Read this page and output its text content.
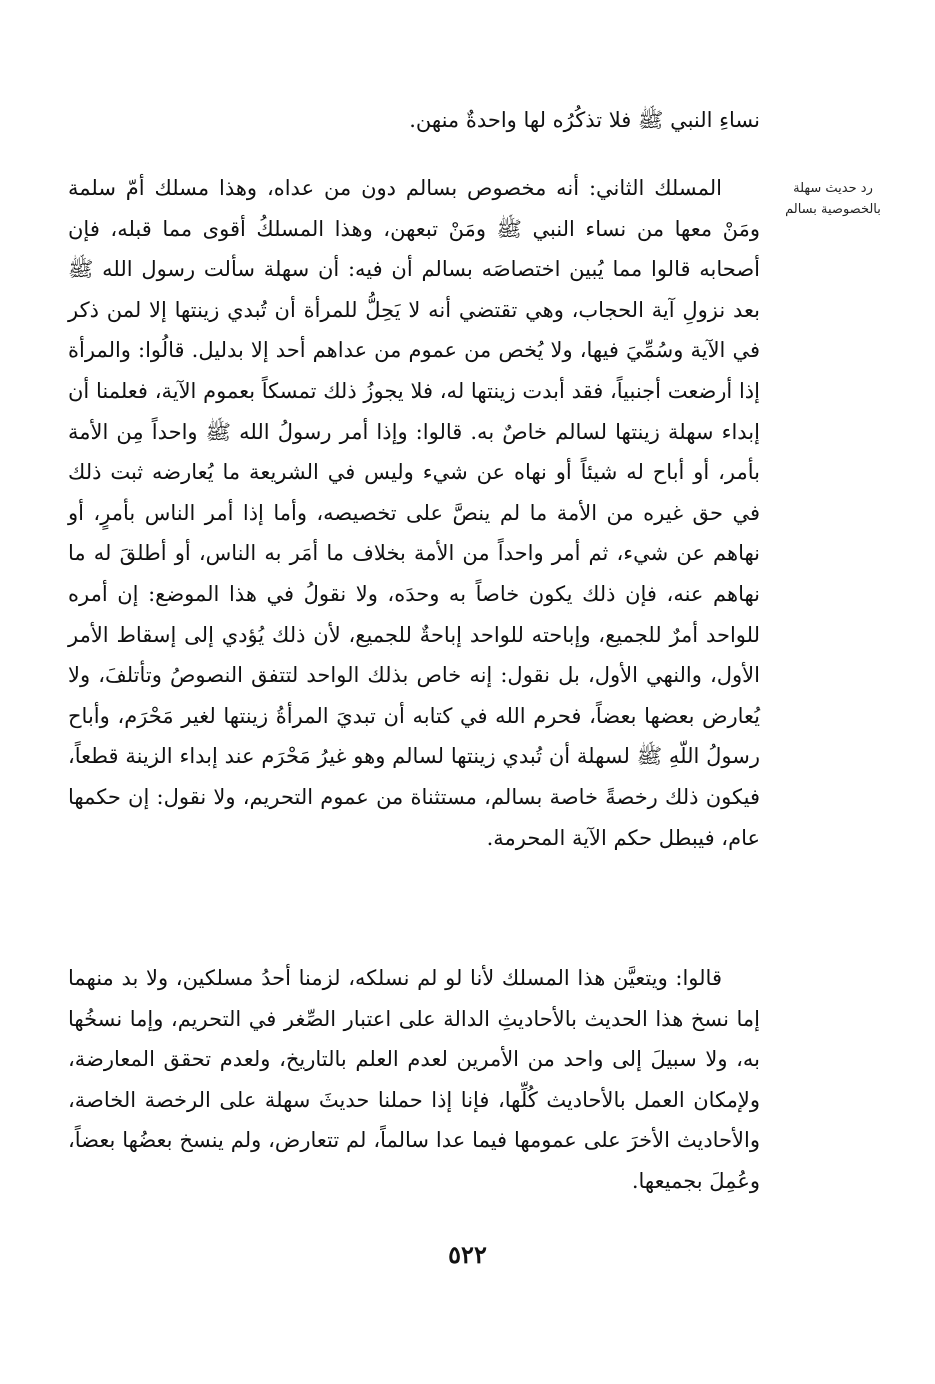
رد حديث سهلة
بالخصوصية بسالم

نساءِ النبي ﷺ فلا تذكُرُه لها واحدةٌ منهن.

المسلك الثاني: أنه مخصوص بسالم دون من عداه، وهذا مسلك أمّ سلمة ومَنْ معها من نساء النبي ﷺ ومَنْ تبعهن، وهذا المسلكُ أقوى مما قبله، فإن أصحابه قالوا مما يُبين اختصاصَه بسالم أن فيه: أن سهلة سألت رسول الله ﷺ بعد نزولِ آية الحجاب، وهي تقتضي أنه لا يَحِلُّ للمرأة أن تُبدي زينتها إلا لمن ذكر في الآية وسُمِّيَ فيها، ولا يُخص من عموم من عداهم أحد إلا بدليل. قالُوا: والمرأة إذا أرضعت أجنبياً، فقد أبدت زينتها له، فلا يجوزُ ذلك تمسكاً بعموم الآية، فعلمنا أن إبداء سهلة زينتها لسالم خاصٌ به. قالوا: وإذا أمر رسولُ الله ﷺ واحداً مِن الأمة بأمر، أو أباح له شيئاً أو نهاه عن شيء وليس في الشريعة ما يُعارضه ثبت ذلك في حق غيره من الأمة ما لم ينصَّ على تخصيصه، وأما إذا أمر الناس بأمرٍ، أو نهاهم عن شيء، ثم أمر واحداً من الأمة بخلاف ما أمَر به الناس، أو أطلقَ له ما نهاهم عنه، فإن ذلك يكون خاصاً به وحدَه، ولا نقولُ في هذا الموضع: إن أمره للواحد أمرٌ للجميع، وإباحته للواحد إباحةٌ للجميع، لأن ذلك يُؤدي إلى إسقاط الأمر الأول، والنهي الأول، بل نقول: إنه خاص بذلك الواحد لتتفق النصوصُ وتأتلفَ، ولا يُعارض بعضها بعضاً، فحرم الله في كتابه أن تبديَ المرأةُ زينتها لغير مَحْرَم، وأباح رسولُ اللّهِ ﷺ لسهلة أن تُبدي زينتها لسالم وهو غيرُ مَحْرَم عند إبداء الزينة قطعاً، فيكون ذلك رخصةً خاصة بسالم، مستثناة من عموم التحريم، ولا نقول: إن حكمها عام، فيبطل حكم الآية المحرمة.

قالوا: ويتعيَّن هذا المسلك لأنا لو لم نسلكه، لزمنا أحدُ مسلكين، ولا بد منهما إما نسخ هذا الحديث بالأحاديثِ الدالة على اعتبار الصِّغر في التحريم، وإما نسخُها به، ولا سبيلَ إلى واحد من الأمرين لعدم العلم بالتاريخ، ولعدم تحقق المعارضة، ولإمكان العمل بالأحاديث كُلِّها، فإنا إذا حملنا حديثَ سهلة على الرخصة الخاصة، والأحاديث الأخرَ على عمومها فيما عدا سالماً، لم تتعارض، ولم ينسخ بعضُها بعضاً، وعُمِلَ بجميعها.

٥٢٢
